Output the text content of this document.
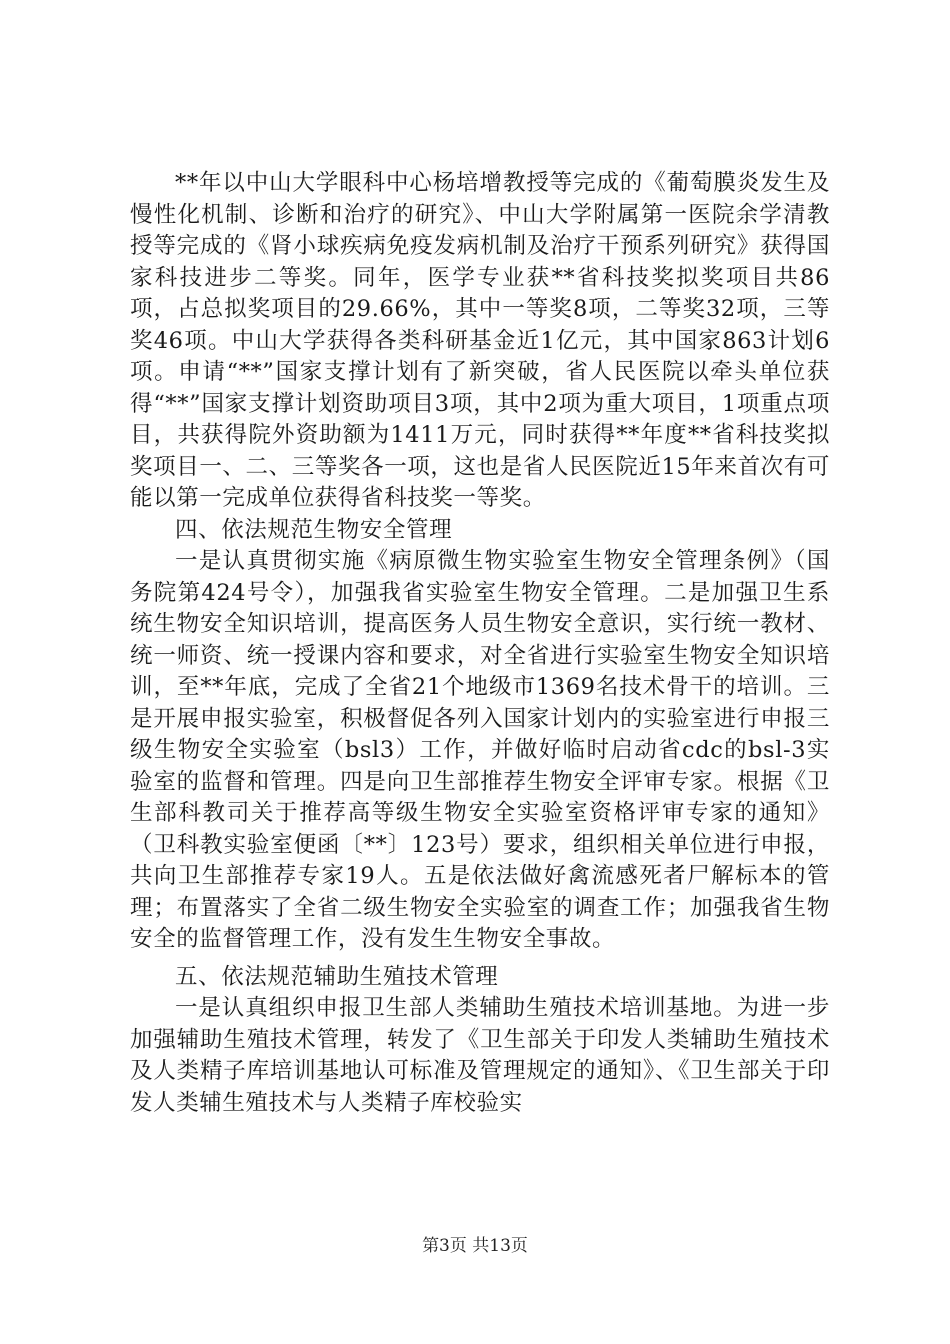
**年以中山大学眼科中心杨培增教授等完成的《葡萄膜炎发生及慢性化机制、诊断和治疗的研究》、中山大学附属第一医院余学清教授等完成的《肾小球疾病免疫发病机制及治疗干预系列研究》获得国家科技进步二等奖。同年，医学专业获**省科技奖拟奖项目共86项，占总拟奖项目的29.66%，其中一等奖8项，二等奖32项，三等奖46项。中山大学获得各类科研基金近1亿元，其中国家863计划6项。申请“**”国家支撑计划有了新突破，省人民医院以牵头单位获得“**”国家支撑计划资助项目3项，其中2项为重大项目，1项重点项目，共获得院外资助额为1411万元，同时获得**年度**省科技奖拟奖项目一、二、三等奖各一项，这也是省人民医院近15年来首次有可能以第一完成单位获得省科技奖一等奖。

四、依法规范生物安全管理

一是认真贯彻实施《病原微生物实验室生物安全管理条例》（国务院第424号令），加强我省实验室生物安全管理。二是加强卫生系统生物安全知识培训，提高医务人员生物安全意识，实行统一教材、统一师资、统一授课内容和要求，对全省进行实验室生物安全知识培训，至**年底，完成了全省21个地级市1369名技术骨干的培训。三是开展申报实验室，积极督促各列入国家计划内的实验室进行申报三级生物安全实验室（bsl3）工作，并做好临时启动省cdc的bsl-3实验室的监督和管理。四是向卫生部推荐生物安全评审专家。根据《卫生部科教司关于推荐高等级生物安全实验室资格评审专家的通知》（卫科教实验室便函〔**〕123号）要求，组织相关单位进行申报，共向卫生部推荐专家19人。五是依法做好禽流感死者尸解标本的管理；布置落实了全省二级生物安全实验室的调查工作；加强我省生物安全的监督管理工作，没有发生生物安全事故。

五、依法规范辅助生殖技术管理

一是认真组织申报卫生部人类辅助生殖技术培训基地。为进一步加强辅助生殖技术管理，转发了《卫生部关于印发人类辅助生殖技术及人类精子库培训基地认可标准及管理规定的通知》、《卫生部关于印发人类辅生殖技术与人类精子库校验实

第3页 共13页
